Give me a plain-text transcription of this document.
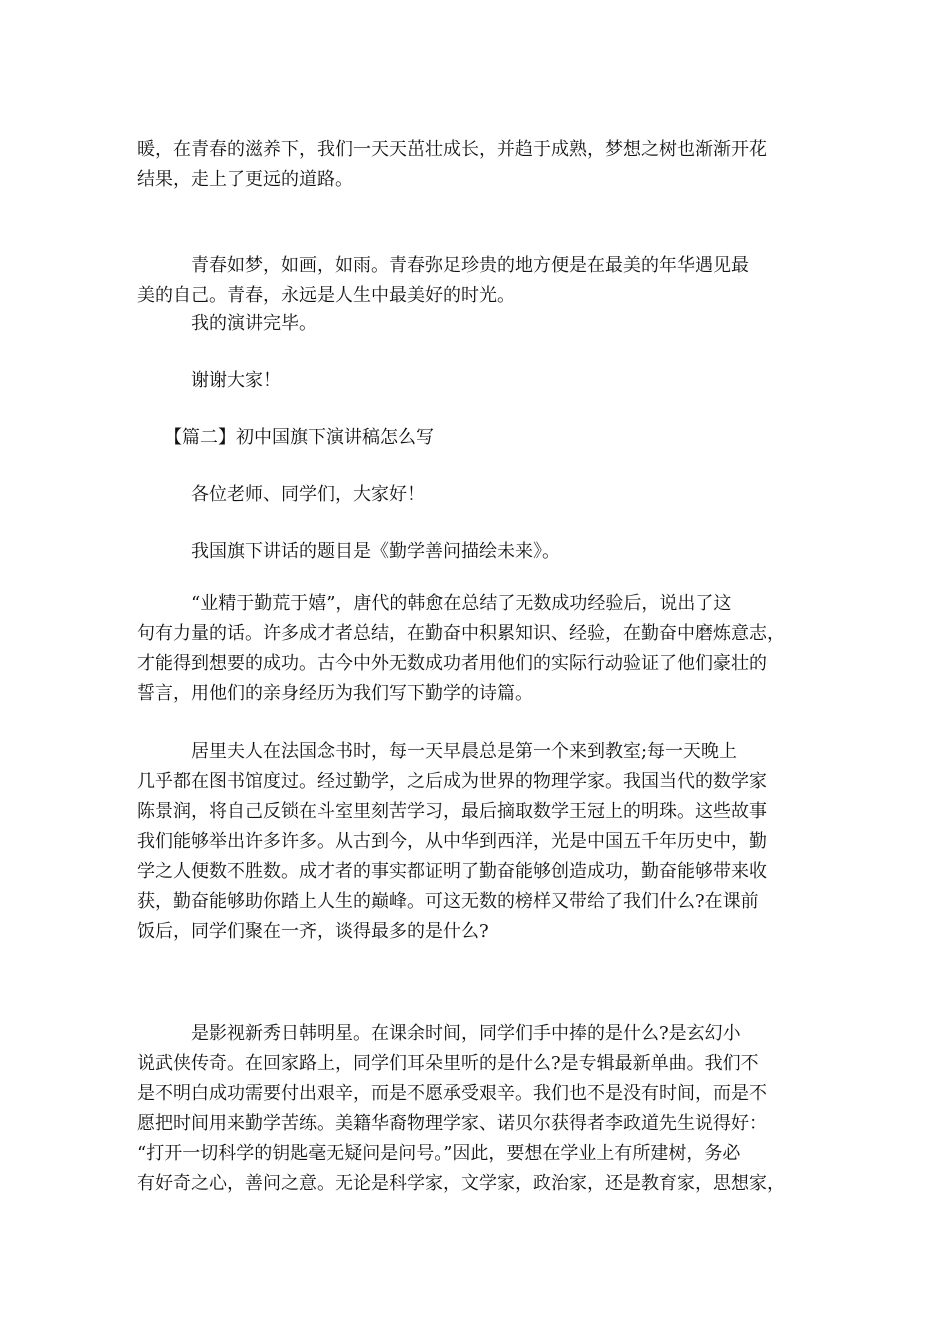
暖，在青春的滋养下，我们一天天茁壮成长，并趋于成熟，梦想之树也渐渐开花
结果，走上了更远的道路。

　　　青春如梦，如画，如雨。青春弥足珍贵的地方便是在最美的年华遇见最
美的自己。青春，永远是人生中最美好的时光。

　　　我的演讲完毕。

　　　谢谢大家！

　　【篇二】初中国旗下演讲稿怎么写

　　　各位老师、同学们，大家好！

　　　我国旗下讲话的题目是《勤学善问描绘未来》。

　　　“业精于勤荒于嬉”，唐代的韩愈在总结了无数成功经验后，说出了这
句有力量的话。许多成才者总结，在勤奋中积累知识、经验，在勤奋中磨炼意志，
才能得到想要的成功。古今中外无数成功者用他们的实际行动验证了他们豪壮的
誓言，用他们的亲身经历为我们写下勤学的诗篇。

　　　居里夫人在法国念书时，每一天早晨总是第一个来到教室;每一天晚上
几乎都在图书馆度过。经过勤学，之后成为世界的物理学家。我国当代的数学家
陈景润，将自己反锁在斗室里刻苦学习，最后摘取数学王冠上的明珠。这些故事
我们能够举出许多许多。从古到今，从中华到西洋，光是中国五千年历史中，勤
学之人便数不胜数。成才者的事实都证明了勤奋能够创造成功，勤奋能够带来收
获，勤奋能够助你踏上人生的巅峰。可这无数的榜样又带给了我们什么?在课前
饭后，同学们聚在一齐，谈得最多的是什么?

　　　是影视新秀日韩明星。在课余时间，同学们手中捧的是什么?是玄幻小
说武侠传奇。在回家路上，同学们耳朵里听的是什么?是专辑最新单曲。我们不
是不明白成功需要付出艰辛，而是不愿承受艰辛。我们也不是没有时间，而是不
愿把时间用来勤学苦练。美籍华裔物理学家、诺贝尔获得者李政道先生说得好：
“打开一切科学的钥匙毫无疑问是问号。”因此，要想在学业上有所建树，务必
有好奇之心，善问之意。无论是科学家，文学家，政治家，还是教育家，思想家，
